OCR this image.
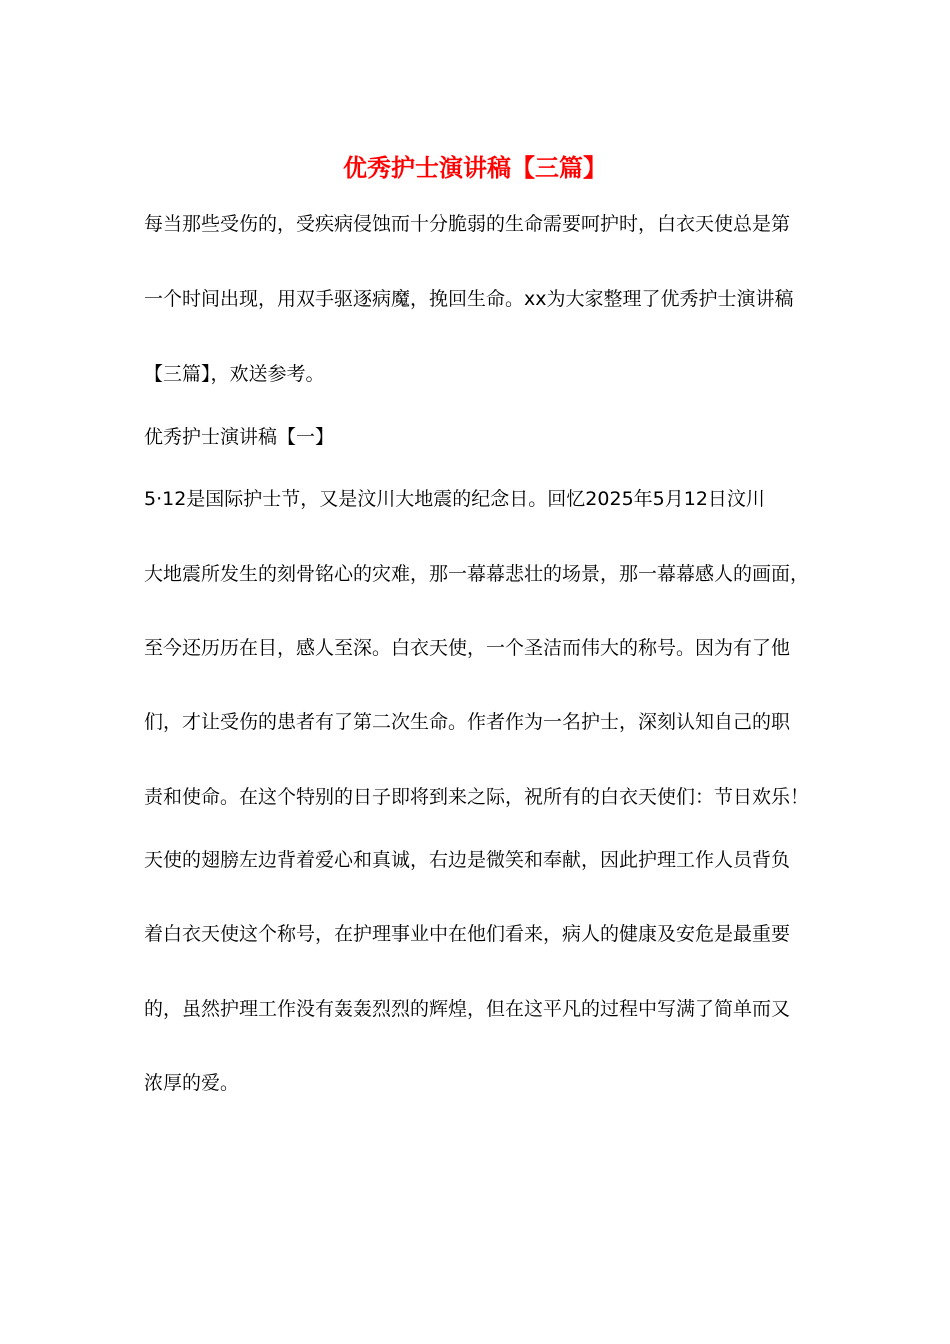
优秀护士演讲稿【三篇】
每当那些受伤的，受疾病侵蚀而十分脆弱的生命需要呵护时，白衣天使总是第
一个时间出现，用双手驱逐病魔，挽回生命。xx为大家整理了优秀护士演讲稿
【三篇】，欢送参考。
优秀护士演讲稿【一】
5·12是国际护士节，又是汶川大地震的纪念日。回忆2025年5月12日汶川
大地震所发生的刻骨铭心的灾难，那一幕幕悲壮的场景，那一幕幕感人的画面，
至今还历历在目，感人至深。白衣天使，一个圣洁而伟大的称号。因为有了他
们，才让受伤的患者有了第二次生命。作者作为一名护士，深刻认知自己的职
责和使命。在这个特别的日子即将到来之际，祝所有的白衣天使们：节日欢乐！
天使的翅膀左边背着爱心和真诚，右边是微笑和奉献，因此护理工作人员背负
着白衣天使这个称号，在护理事业中在他们看来，病人的健康及安危是最重要
的，虽然护理工作没有轰轰烈烈的辉煌，但在这平凡的过程中写满了简单而又
浓厚的爱。
